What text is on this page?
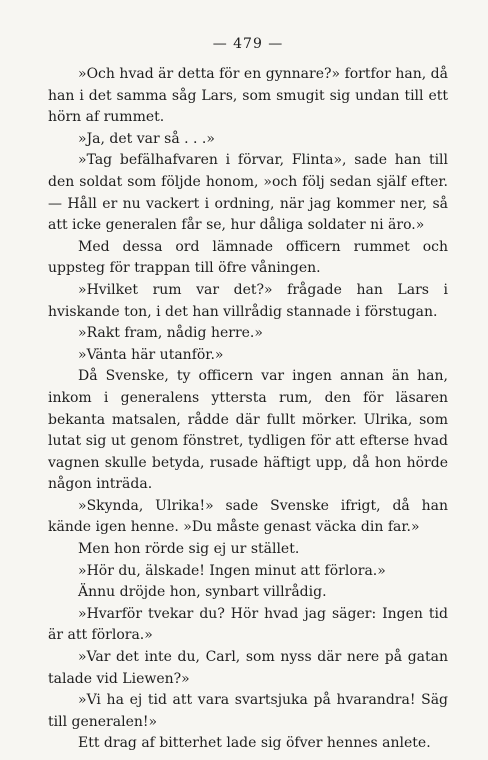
— 479 —

»Och hvad är detta för en gynnare?» fortfor han, då han i det samma såg Lars, som smugit sig undan till ett hörn af rummet.

»Ja, det var så . . .»

»Tag befälhafvaren i förvar, Flinta», sade han till den soldat som följde honom, »och följ sedan själf efter. — Håll er nu vackert i ordning, när jag kommer ner, så att icke generalen får se, hur dåliga soldater ni äro.»

Med dessa ord lämnade officern rummet och uppsteg för trappan till öfre våningen.

»Hvilket rum var det?» frågade han Lars i hviskande ton, i det han villrådig stannade i förstugan.

»Rakt fram, nådig herre.»

»Vänta här utanför.»

Då Svenske, ty officern var ingen annan än han, inkom i generalens yttersta rum, den för läsaren bekanta matsalen, rådde där fullt mörker. Ulrika, som lutat sig ut genom fönstret, tydligen för att efterse hvad vagnen skulle betyda, rusade häftigt upp, då hon hörde någon inträda.

»Skynda, Ulrika!» sade Svenske ifrigt, då han kände igen henne. »Du måste genast väcka din far.»

Men hon rörde sig ej ur stället.

»Hör du, älskade! Ingen minut att förlora.»

Ännu dröjde hon, synbart villrådig.

»Hvarför tvekar du? Hör hvad jag säger: Ingen tid är att förlora.»

»Var det inte du, Carl, som nyss där nere på gatan talade vid Liewen?»

»Vi ha ej tid att vara svartsjuka på hvarandra! Säg till generalen!»

Ett drag af bitterhet lade sig öfver hennes anlete.
